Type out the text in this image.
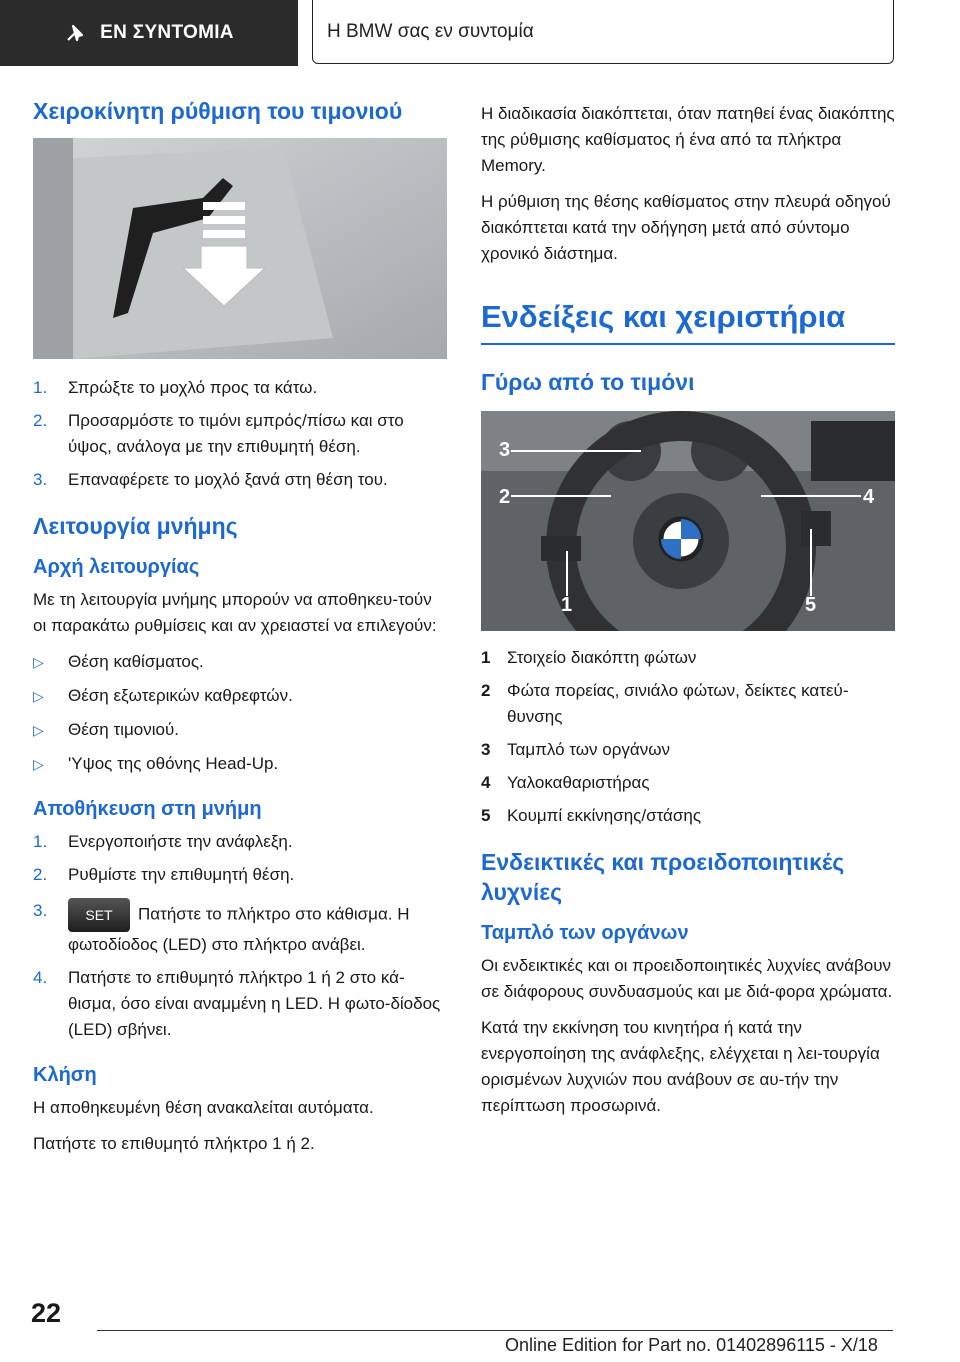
ΕΝ ΣΥΝΤΟΜΙΑ	Η BMW σας εν συντομία
Χειροκίνητη ρύθμιση του τιμονιού
1.	Σπρώξτε το μοχλό προς τα κάτω.
2.	Προσαρμόστε το τιμόνι εμπρός/πίσω και στο ύψος, ανάλογα με την επιθυμητή θέση.
3.	Επαναφέρετε το μοχλό ξανά στη θέση του.
Λειτουργία μνήμης
Αρχή λειτουργίας

Με τη λειτουργία μνήμης μπορούν να αποθηκευ‐τούν οι παρακάτω ρυθμίσεις και αν χρειαστεί να επιλεγούν:

▷	Θέση καθίσματος.
▷	Θέση εξωτερικών καθρεφτών.
▷	Θέση τιμονιού.
▷	'Υψος της οθόνης Head-Up.
Αποθήκευση στη μνήμη
1.	Ενεργοποιήστε την ανάφλεξη.
2.	Ρυθμίστε την επιθυμητή θέση.
3.	SET Πατήστε το πλήκτρο στο κάθισμα. Η φωτοδίοδος (LED) στο πλήκτρο ανάβει.
4.	Πατήστε το επιθυμητό πλήκτρο 1 ή 2 στο κά‐θισμα, όσο είναι αναμμένη η LED. Η φωτο‐δίοδος (LED) σβήνει.
Κλήση

Η αποθηκευμένη θέση ανακαλείται αυτόματα.

Πατήστε το επιθυμητό πλήκτρο 1 ή 2.

Η διαδικασία διακόπτεται, όταν πατηθεί ένας διακόπτης της ρύθμισης καθίσματος ή ένα από τα πλήκτρα Memory.

Η ρύθμιση της θέσης καθίσματος στην πλευρά οδηγού διακόπτεται κατά την οδήγηση μετά από σύντομο χρονικό διάστημα.

Ενδείξεις και χειριστήρια
Γύρω από το τιμόνι
1
2
3
4
5
1 Στοιχείο διακόπτη φώτων
2 Φώτα πορείας, σινιάλο φώτων, δείκτες κατεύ‐θυνσης
3 Ταμπλό των οργάνων
4 Υαλοκαθαριστήρας
5 Κουμπί εκκίνησης/στάσης
Ενδεικτικές και προειδοποιητικές λυχνίες
Ταμπλό των οργάνων

Οι ενδεικτικές και οι προειδοποιητικές λυχνίες ανάβουν σε διάφορους συνδυασμούς και με διά‐φορα χρώματα.

Κατά την εκκίνηση του κινητήρα ή κατά την ενεργοποίηση της ανάφλεξης, ελέγχεται η λει‐τουργία ορισμένων λυχνιών που ανάβουν σε αυ‐τήν την περίπτωση προσωρινά.

22
Online Edition for Part no. 01402896115 - X/18
